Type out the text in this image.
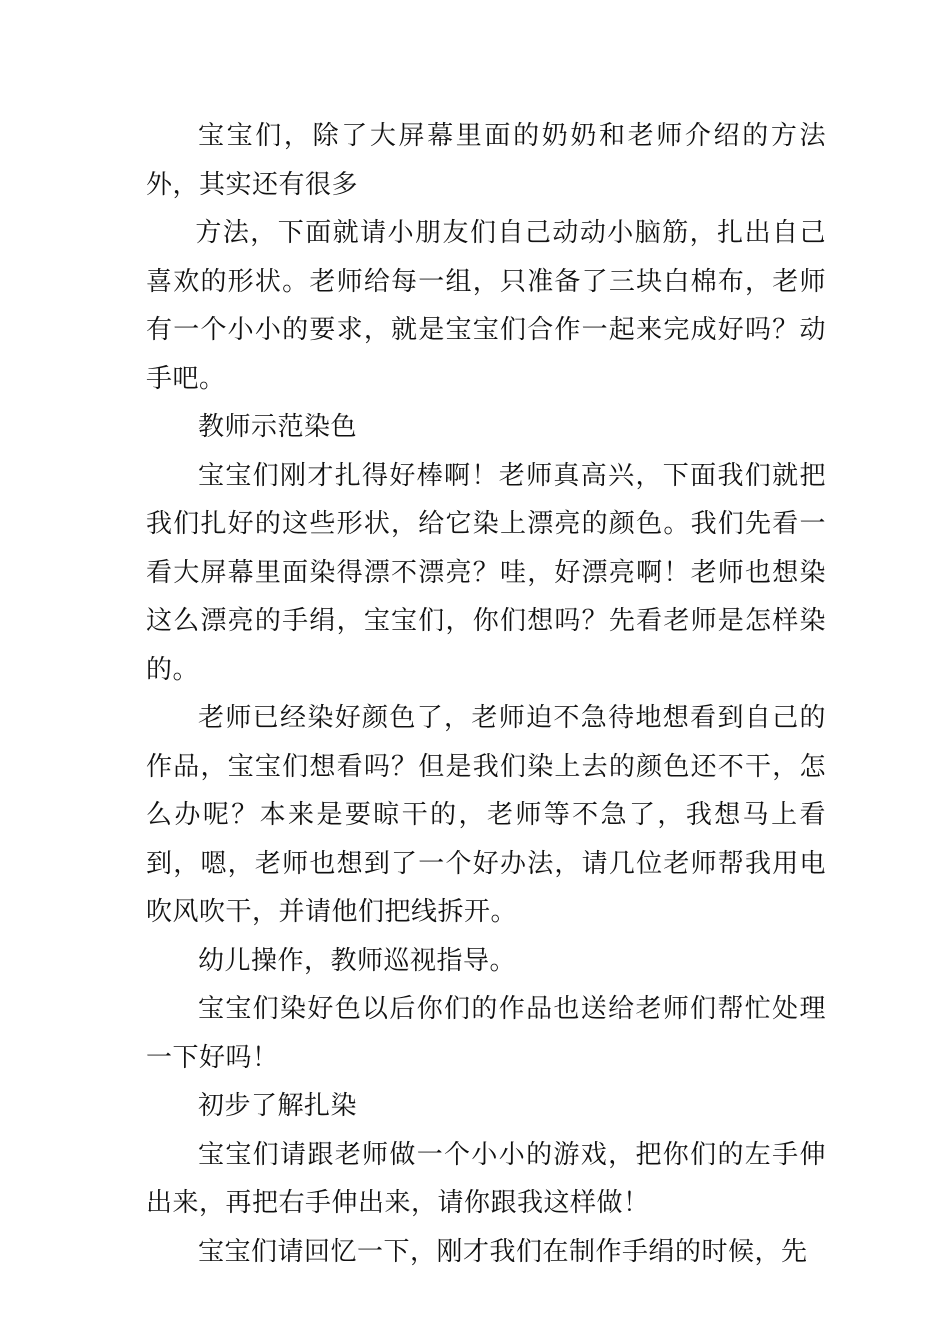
宝宝们，除了大屏幕里面的奶奶和老师介绍的方法外，其实还有很多

方法，下面就请小朋友们自己动动小脑筋，扎出自己喜欢的形状。老师给每一组，只准备了三块白棉布，老师有一个小小的要求，就是宝宝们合作一起来完成好吗？动手吧。

教师示范染色

宝宝们刚才扎得好棒啊！老师真高兴，下面我们就把我们扎好的这些形状，给它染上漂亮的颜色。我们先看一看大屏幕里面染得漂不漂亮？哇，好漂亮啊！老师也想染这么漂亮的手绢，宝宝们，你们想吗？先看老师是怎样染的。

老师已经染好颜色了，老师迫不急待地想看到自己的作品，宝宝们想看吗？但是我们染上去的颜色还不干，怎么办呢？本来是要晾干的，老师等不急了，我想马上看到，嗯，老师也想到了一个好办法，请几位老师帮我用电吹风吹干，并请他们把线拆开。

幼儿操作，教师巡视指导。

宝宝们染好色以后你们的作品也送给老师们帮忙处理一下好吗！

初步了解扎染

宝宝们请跟老师做一个小小的游戏，把你们的左手伸出来，再把右手伸出来，请你跟我这样做！

宝宝们请回忆一下，刚才我们在制作手绢的时候，先
